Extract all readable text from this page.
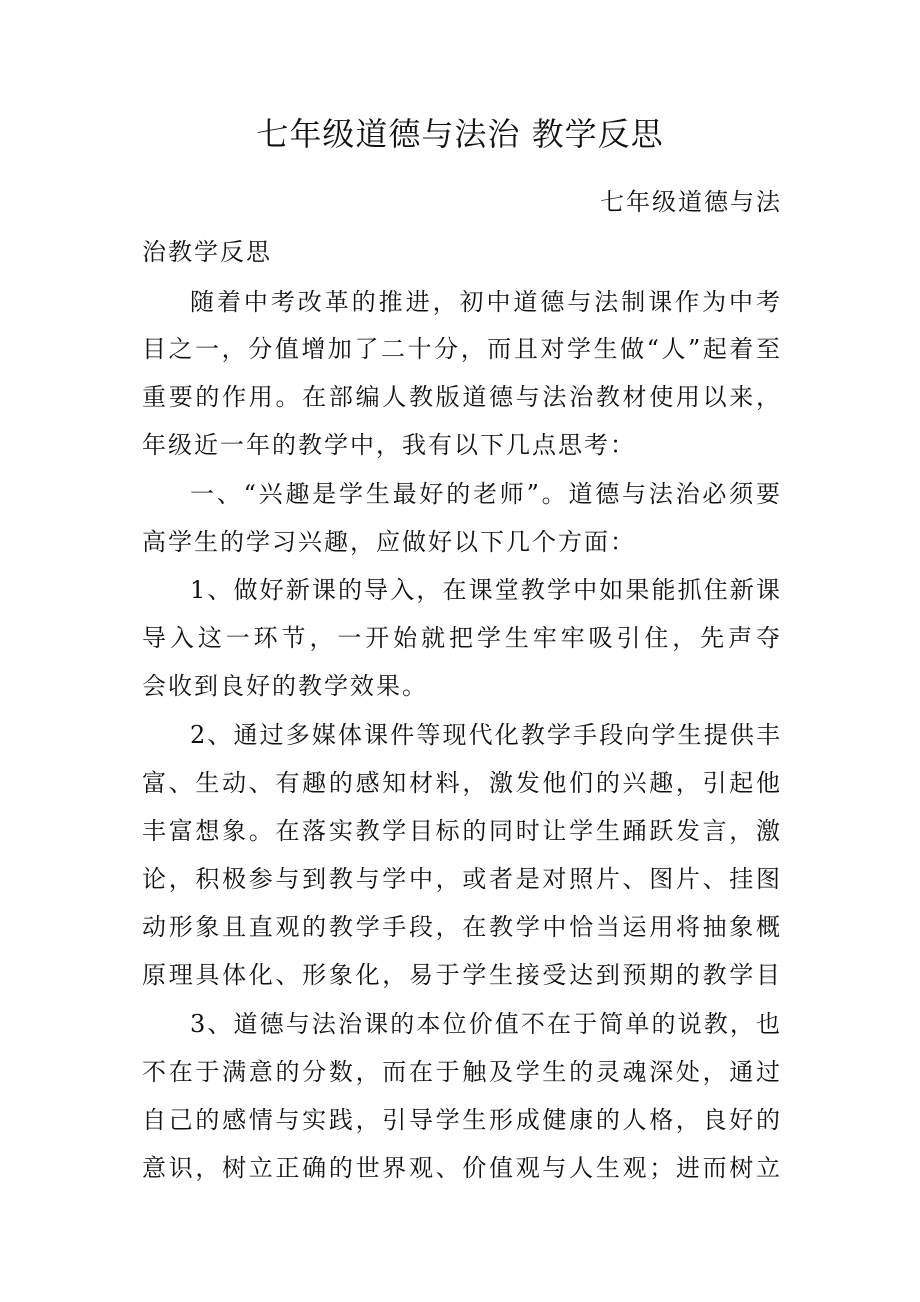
七年级道德与法治 教学反思
七年级道德与法
治教学反思
随着中考改革的推进，初中道德与法制课作为中考
目之一，分值增加了二十分，而且对学生做“人”起着至
重要的作用。在部编人教版道德与法治教材使用以来，
年级近一年的教学中，我有以下几点思考：
一、“兴趣是学生最好的老师”。道德与法治必须要
高学生的学习兴趣，应做好以下几个方面：
1、做好新课的导入，在课堂教学中如果能抓住新课
导入这一环节，一开始就把学生牢牢吸引住，先声夺
会收到良好的教学效果。
2、通过多媒体课件等现代化教学手段向学生提供丰
富、生动、有趣的感知材料，激发他们的兴趣，引起他
丰富想象。在落实教学目标的同时让学生踊跃发言，激
论，积极参与到教与学中，或者是对照片、图片、挂图
动形象且直观的教学手段，在教学中恰当运用将抽象概
原理具体化、形象化，易于学生接受达到预期的教学目
3、道德与法治课的本位价值不在于简单的说教，也
不在于满意的分数，而在于触及学生的灵魂深处，通过
自己的感情与实践，引导学生形成健康的人格，良好的
意识，树立正确的世界观、价值观与人生观；进而树立
